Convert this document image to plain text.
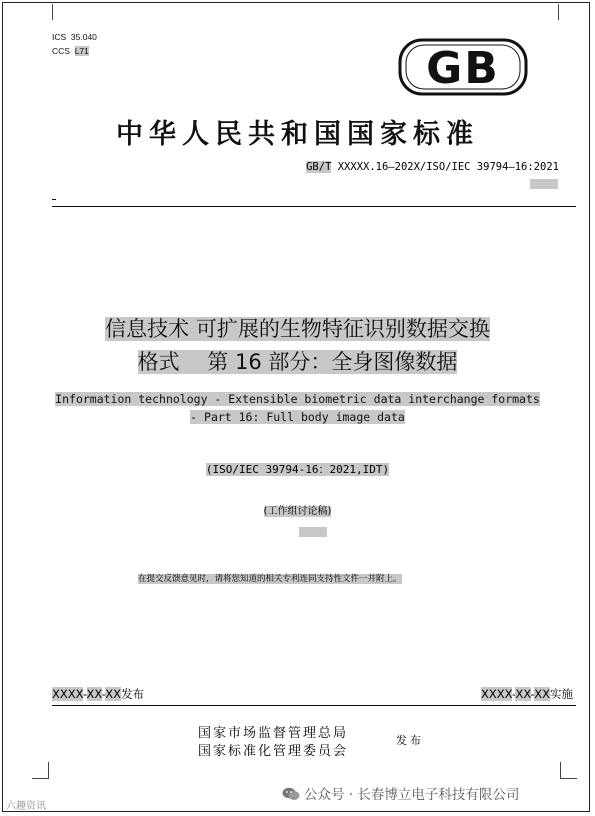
ICS 35.040
CCS L71	GB
中华人民共和国国家标准
GB/T XXXXX.16—202X/ISO/IEC 39794—16:2021
信息技术 可扩展的生物特征识别数据交换
格式　 第 16 部分：全身图像数据
Information technology - Extensible biometric data interchange formats
- Part 16: Full body image data
(ISO/IEC 39794-16：2021,IDT)
(工作组讨论稿)
在提交反馈意见时，请将您知道的相关专利连同支持性文件一并附上。
XXXX-XX-XX发布	XXXX-XX-XX实施
国家市场监督管理总局
国家标准化管理委员会
发布
公众号 · 长春博立电子科技有限公司
六趣资讯
